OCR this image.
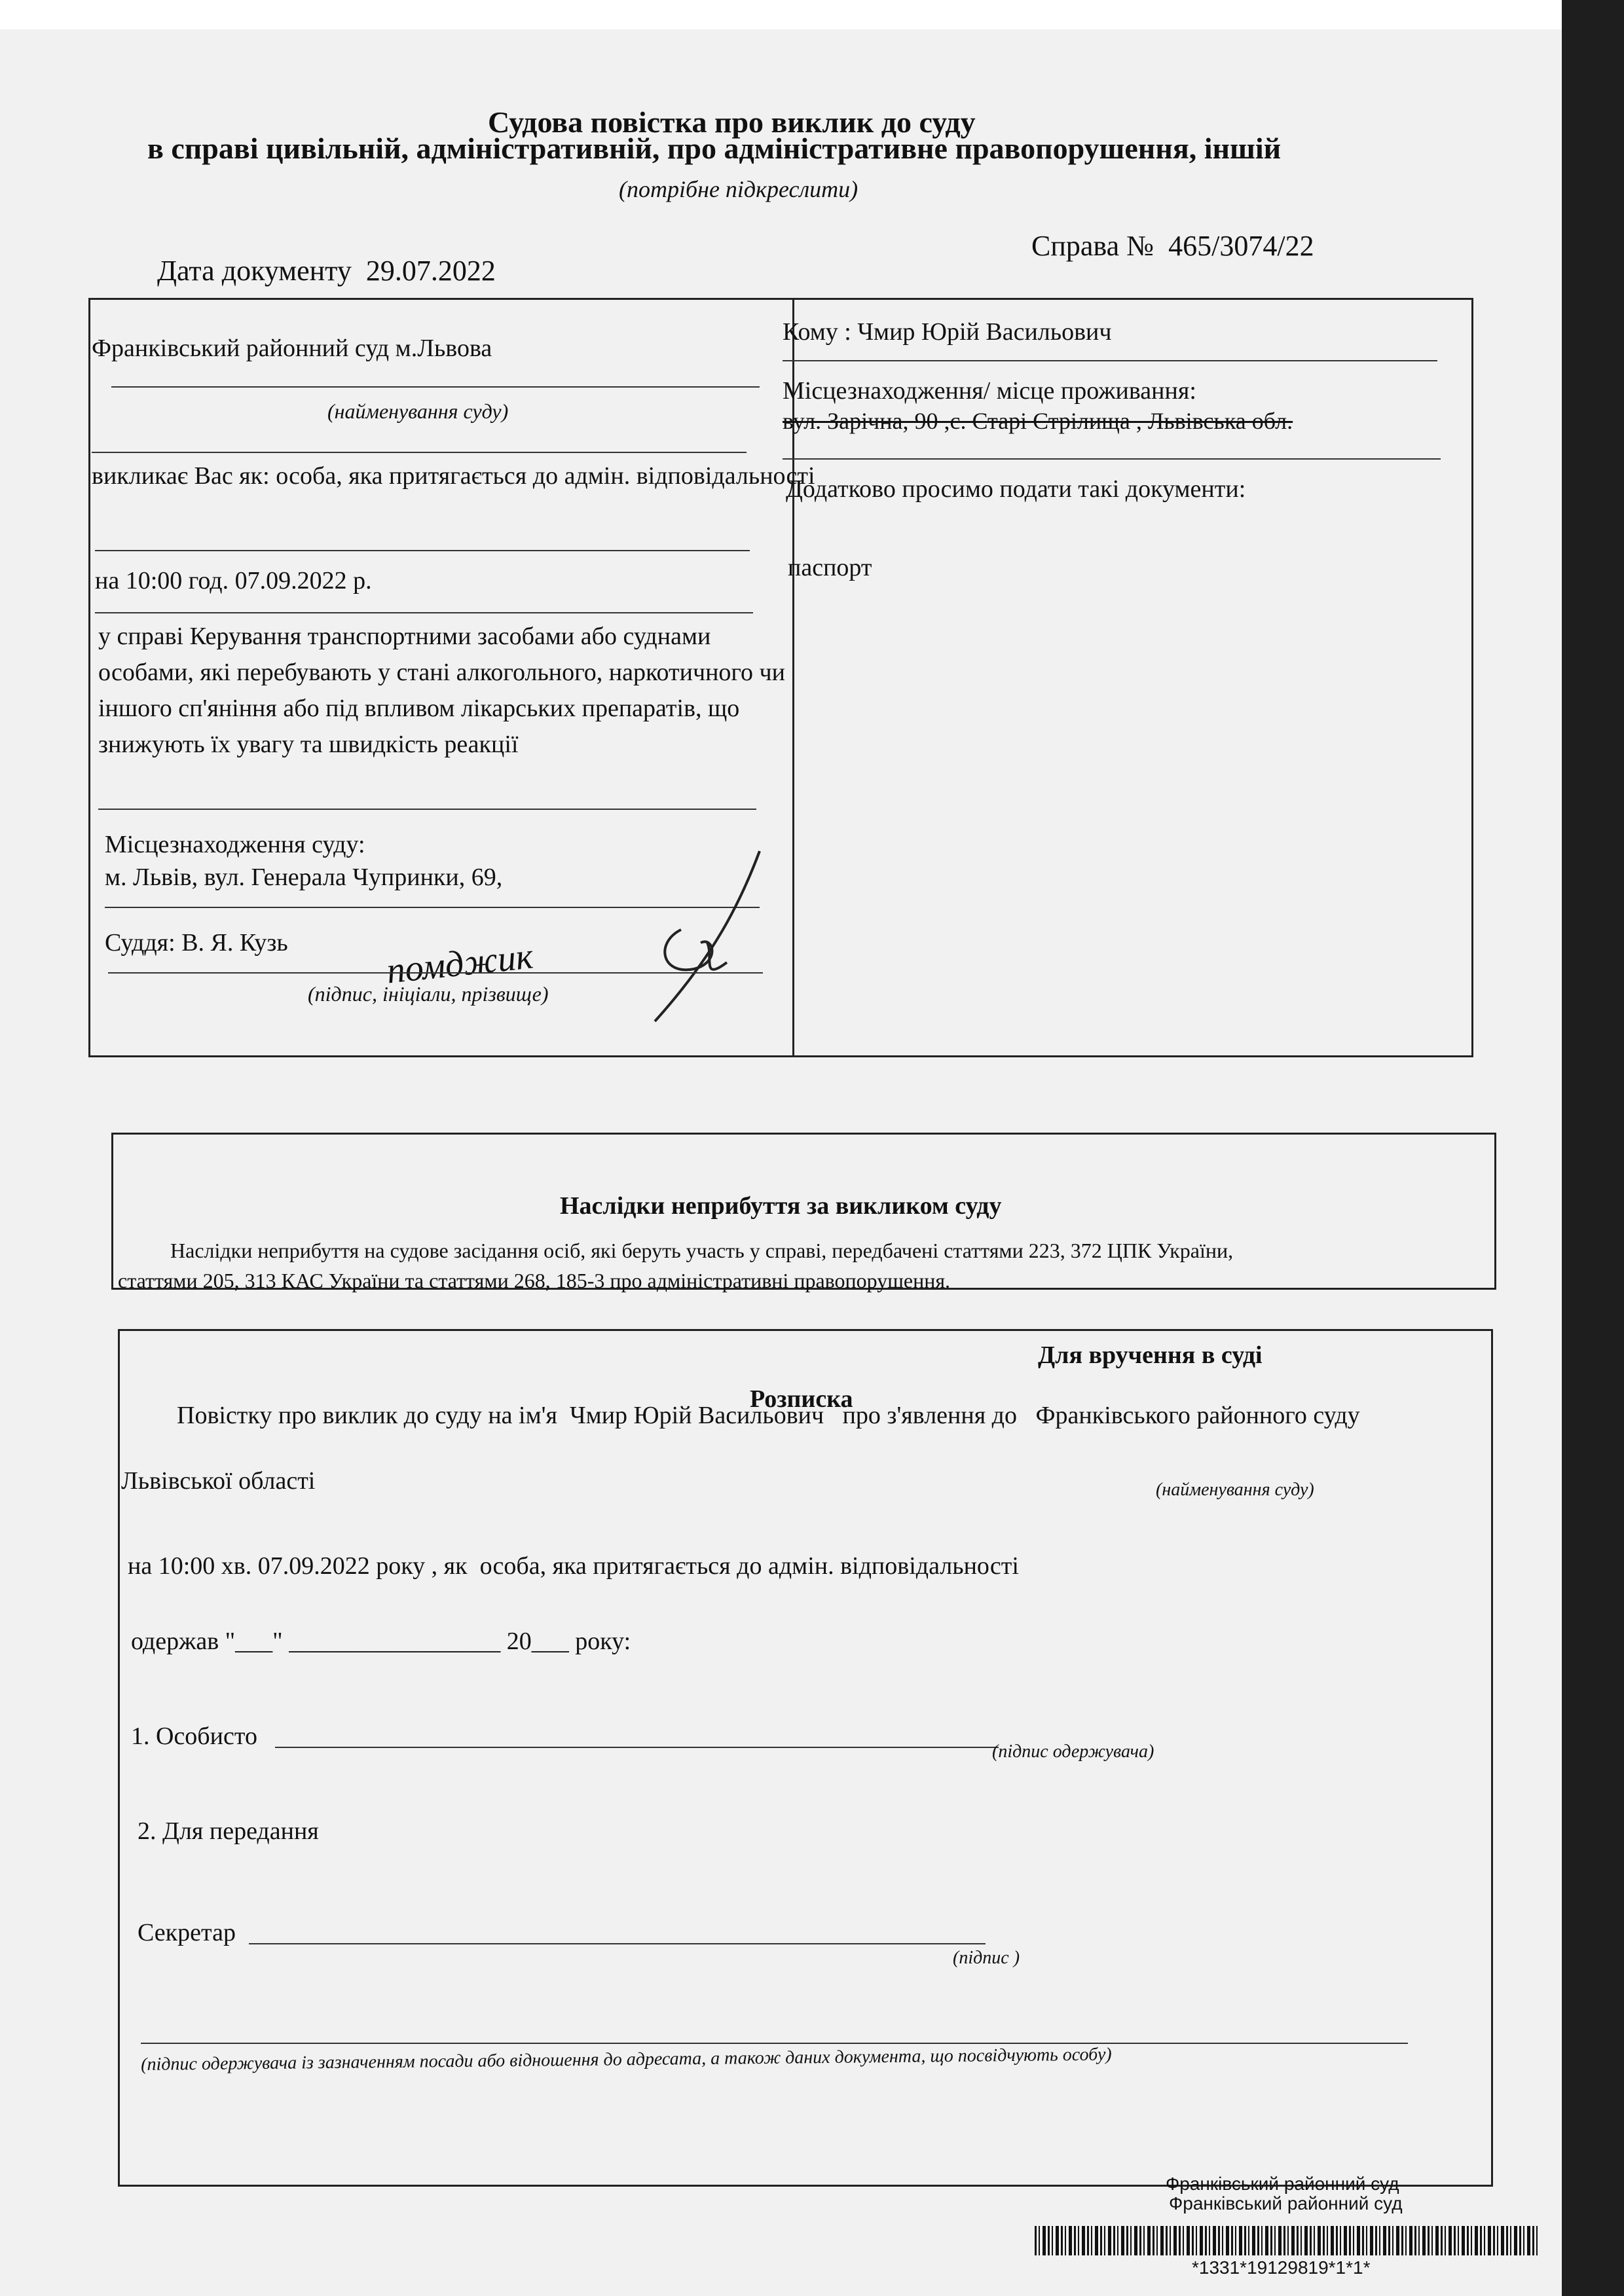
Судова повістка про виклик до суду
в справі цивільній, адміністративній, про адміністративне правопорушення, іншій
(потрібне підкреслити)
Дата документу 29.07.2022
Справа № 465/3074/22
Франківський районний суд м.Львова
(найменування суду)
викликає Вас як: особа, яка притягається до адмін. відповідальності
на 10:00 год. 07.09.2022 р.
у справі Керування транспортними засобами або суднами особами, які перебувають у стані алкогольного, наркотичного чи іншого сп'яніння або під впливом лікарських препаратів, що знижують їх увагу та швидкість реакції
Місцезнаходження суду:
м. Львів, вул. Генерала Чупринки, 69,
Суддя: В. Я. Кузь	помджик
(підпис, ініціали, прізвище)
Кому : Чмир Юрій Васильович
Місцезнаходження/ місце проживання:
вул. Зарічна, 90 ,с. Старі Стрілища , Львівська обл.
Додатково просимо подати такі документи:
паспорт
Наслідки неприбуття за викликом суду
Наслідки неприбуття на судове засідання осіб, які беруть участь у справі, передбачені статтями 223, 372 ЦПК України,
статтями 205, 313 КАС України та статтями 268, 185-3 про адміністративні правопорушення.
Для вручення в суді
Розписка
Повістку про виклик до суду на ім'я Чмир Юрій Васильович про з'явлення до Франківського районного суду
Львівської області	(найменування суду)
на 10:00 хв. 07.09.2022 року , як особа, яка притягається до адмін. відповідальності
одержав "___" _________________ 20___ року:
1. Особисто
(підпис одержувача)
2. Для передання
Секретар
(підпис )
(підпис одержувача із зазначенням посади або відношення до адресата, а також даних документа, що посвідчують особу)
Франківський районний суд
Франківський районний суд
*1331*19129819*1*1*
